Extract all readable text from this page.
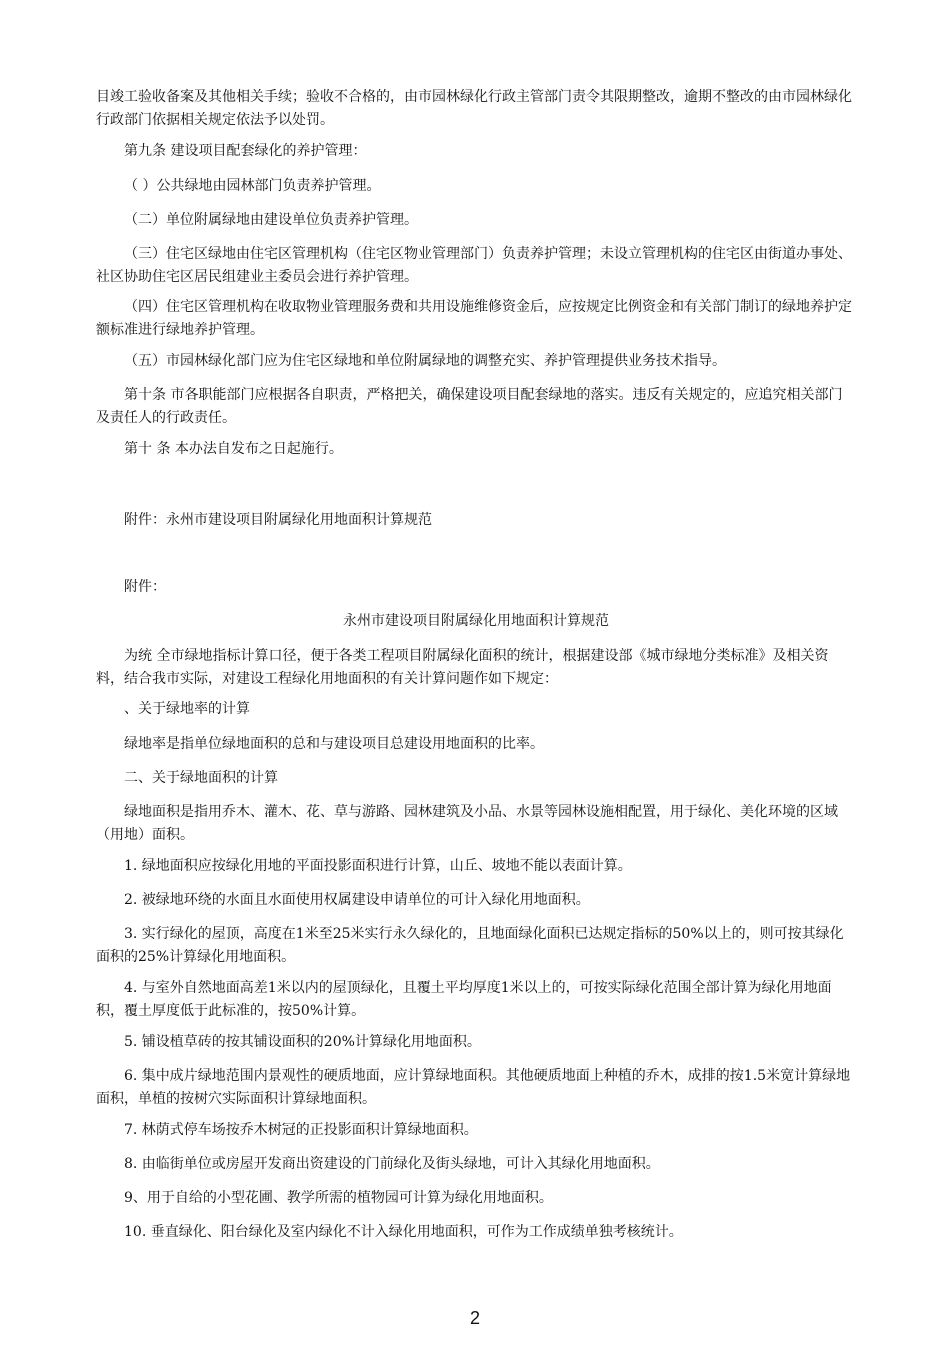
目竣工验收备案及其他相关手续；验收不合格的，由市园林绿化行政主管部门责令其限期整改，逾期不整改的由市园林绿化行政部门依据相关规定依法予以处罚。

第九条 建设项目配套绿化的养护管理：

（ ）公共绿地由园林部门负责养护管理。

（二）单位附属绿地由建设单位负责养护管理。

（三）住宅区绿地由住宅区管理机构（住宅区物业管理部门）负责养护管理；未设立管理机构的住宅区由街道办事处、社区协助住宅区居民组建业主委员会进行养护管理。

（四）住宅区管理机构在收取物业管理服务费和共用设施维修资金后，应按规定比例资金和有关部门制订的绿地养护定额标准进行绿地养护管理。

（五）市园林绿化部门应为住宅区绿地和单位附属绿地的调整充实、养护管理提供业务技术指导。

第十条 市各职能部门应根据各自职责，严格把关，确保建设项目配套绿地的落实。违反有关规定的，应追究相关部门及责任人的行政责任。

第十 条 本办法自发布之日起施行。

附件：永州市建设项目附属绿化用地面积计算规范

附件：

永州市建设项目附属绿化用地面积计算规范

为统 全市绿地指标计算口径，便于各类工程项目附属绿化面积的统计，根据建设部《城市绿地分类标准》及相关资料，结合我市实际，对建设工程绿化用地面积的有关计算问题作如下规定：

、关于绿地率的计算

绿地率是指单位绿地面积的总和与建设项目总建设用地面积的比率。

二、关于绿地面积的计算

绿地面积是指用乔木、灌木、花、草与游路、园林建筑及小品、水景等园林设施相配置，用于绿化、美化环境的区域（用地）面积。

1. 绿地面积应按绿化用地的平面投影面积进行计算，山丘、坡地不能以表面计算。

2. 被绿地环绕的水面且水面使用权属建设申请单位的可计入绿化用地面积。

3. 实行绿化的屋顶，高度在1米至25米实行永久绿化的，且地面绿化面积已达规定指标的50%以上的，则可按其绿化面积的25%计算绿化用地面积。

4. 与室外自然地面高差1米以内的屋顶绿化，且覆土平均厚度1米以上的，可按实际绿化范围全部计算为绿化用地面积，覆土厚度低于此标准的，按50%计算。

5. 铺设植草砖的按其铺设面积的20%计算绿化用地面积。

6. 集中成片绿地范围内景观性的硬质地面，应计算绿地面积。其他硬质地面上种植的乔木，成排的按1.5米宽计算绿地面积，单植的按树穴实际面积计算绿地面积。

7. 林荫式停车场按乔木树冠的正投影面积计算绿地面积。

8. 由临街单位或房屋开发商出资建设的门前绿化及街头绿地，可计入其绿化用地面积。

9、用于自给的小型花圃、教学所需的植物园可计算为绿化用地面积。

10. 垂直绿化、阳台绿化及室内绿化不计入绿化用地面积，可作为工作成绩单独考核统计。

2
